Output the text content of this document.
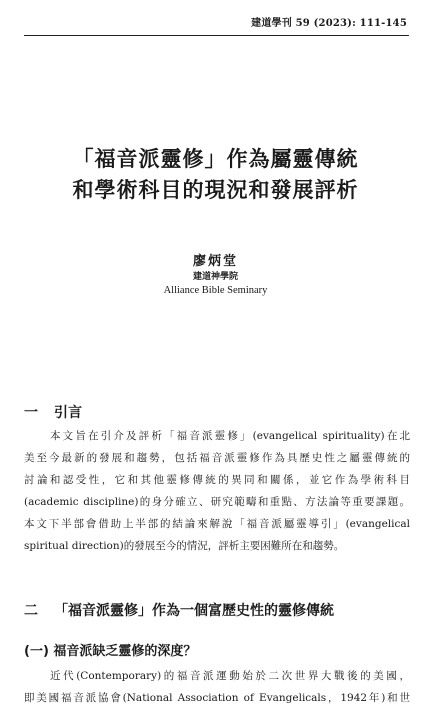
建道學刊 59 (2023): 111-145
「福音派靈修」作為屬靈傳統
和學術科目的現況和發展評析
廖炳堂
建道神學院
Alliance Bible Seminary
一 引言
本文旨在引介及評析「福音派靈修」(evangelical spirituality)在北
美至今最新的發展和趨勢，包括福音派靈修作為具歷史性之屬靈傳統的
討論和認受性，它和其他靈修傳統的異同和關係，並它作為學術科目
(academic discipline)的身分確立、研究範疇和重點、方法論等重要課題。
本文下半部會借助上半部的結論來解說「福音派屬靈導引」(evangelical
spiritual direction)的發展至今的情況，評析主要困難所在和趨勢。
二 「福音派靈修」作為一個富歷史性的靈修傳統
(一) 福音派缺乏靈修的深度？
近代(Contemporary)的福音派運動始於二次世界大戰後的美國，
即美國福音派協會(National Association of Evangelicals，1942年)和世
